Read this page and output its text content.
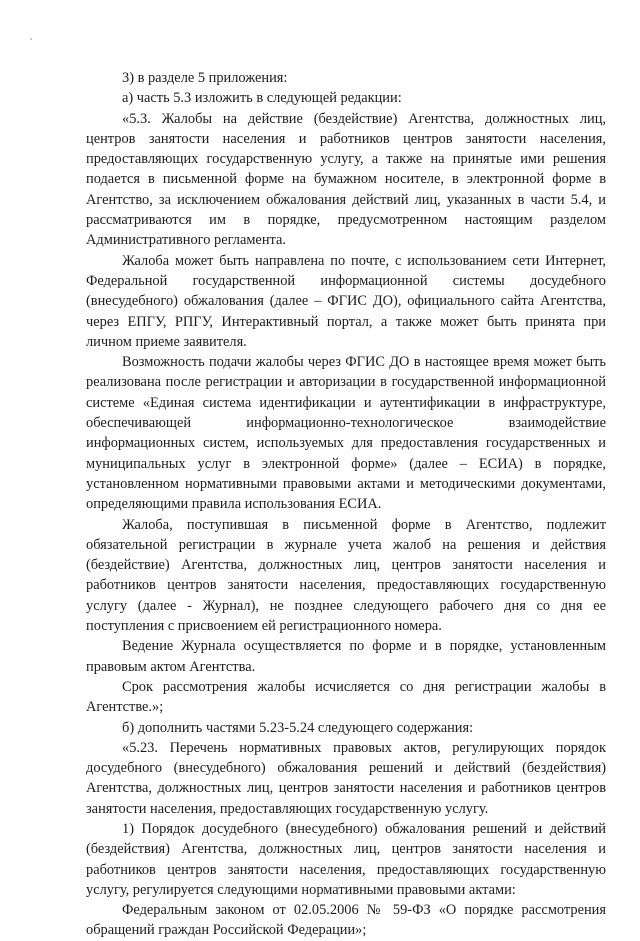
3) в разделе 5 приложения:

а) часть 5.3 изложить в следующей редакции:

«5.3. Жалобы на действие (бездействие) Агентства, должностных лиц, центров занятости населения и работников центров занятости населения, предоставляющих государственную услугу, а также на принятые ими решения подается в письменной форме на бумажном носителе, в электронной форме в Агентство, за исключением обжалования действий лиц, указанных в части 5.4, и рассматриваются им в порядке, предусмотренном настоящим разделом Административного регламента.

Жалоба может быть направлена по почте, с использованием сети Интернет, Федеральной государственной информационной системы досудебного (внесудебного) обжалования (далее – ФГИС ДО), официального сайта Агентства, через ЕПГУ, РПГУ, Интерактивный портал, а также может быть принята при личном приеме заявителя.

Возможность подачи жалобы через ФГИС ДО в настоящее время может быть реализована после регистрации и авторизации в государственной информационной системе «Единая система идентификации и аутентификации в инфраструктуре, обеспечивающей информационно-технологическое взаимодействие информационных систем, используемых для предоставления государственных и муниципальных услуг в электронной форме» (далее – ЕСИА) в порядке, установленном нормативными правовыми актами и методическими документами, определяющими правила использования ЕСИА.

Жалоба, поступившая в письменной форме в Агентство, подлежит обязательной регистрации в журнале учета жалоб на решения и действия (бездействие) Агентства, должностных лиц, центров занятости населения и работников центров занятости населения, предоставляющих государственную услугу (далее - Журнал), не позднее следующего рабочего дня со дня ее поступления с присвоением ей регистрационного номера.

Ведение Журнала осуществляется по форме и в порядке, установленным правовым актом Агентства.

Срок рассмотрения жалобы исчисляется со дня регистрации жалобы в Агентстве.»;

б) дополнить частями 5.23-5.24 следующего содержания:

«5.23. Перечень нормативных правовых актов, регулирующих порядок досудебного (внесудебного) обжалования решений и действий (бездействия) Агентства, должностных лиц, центров занятости населения и работников центров занятости населения, предоставляющих государственную услугу.

1) Порядок досудебного (внесудебного) обжалования решений и действий (бездействия) Агентства, должностных лиц, центров занятости населения и работников центров занятости населения, предоставляющих государственную услугу, регулируется следующими нормативными правовыми актами:

Федеральным законом от 02.05.2006 № 59-ФЗ «О порядке рассмотрения обращений граждан Российской Федерации»;
